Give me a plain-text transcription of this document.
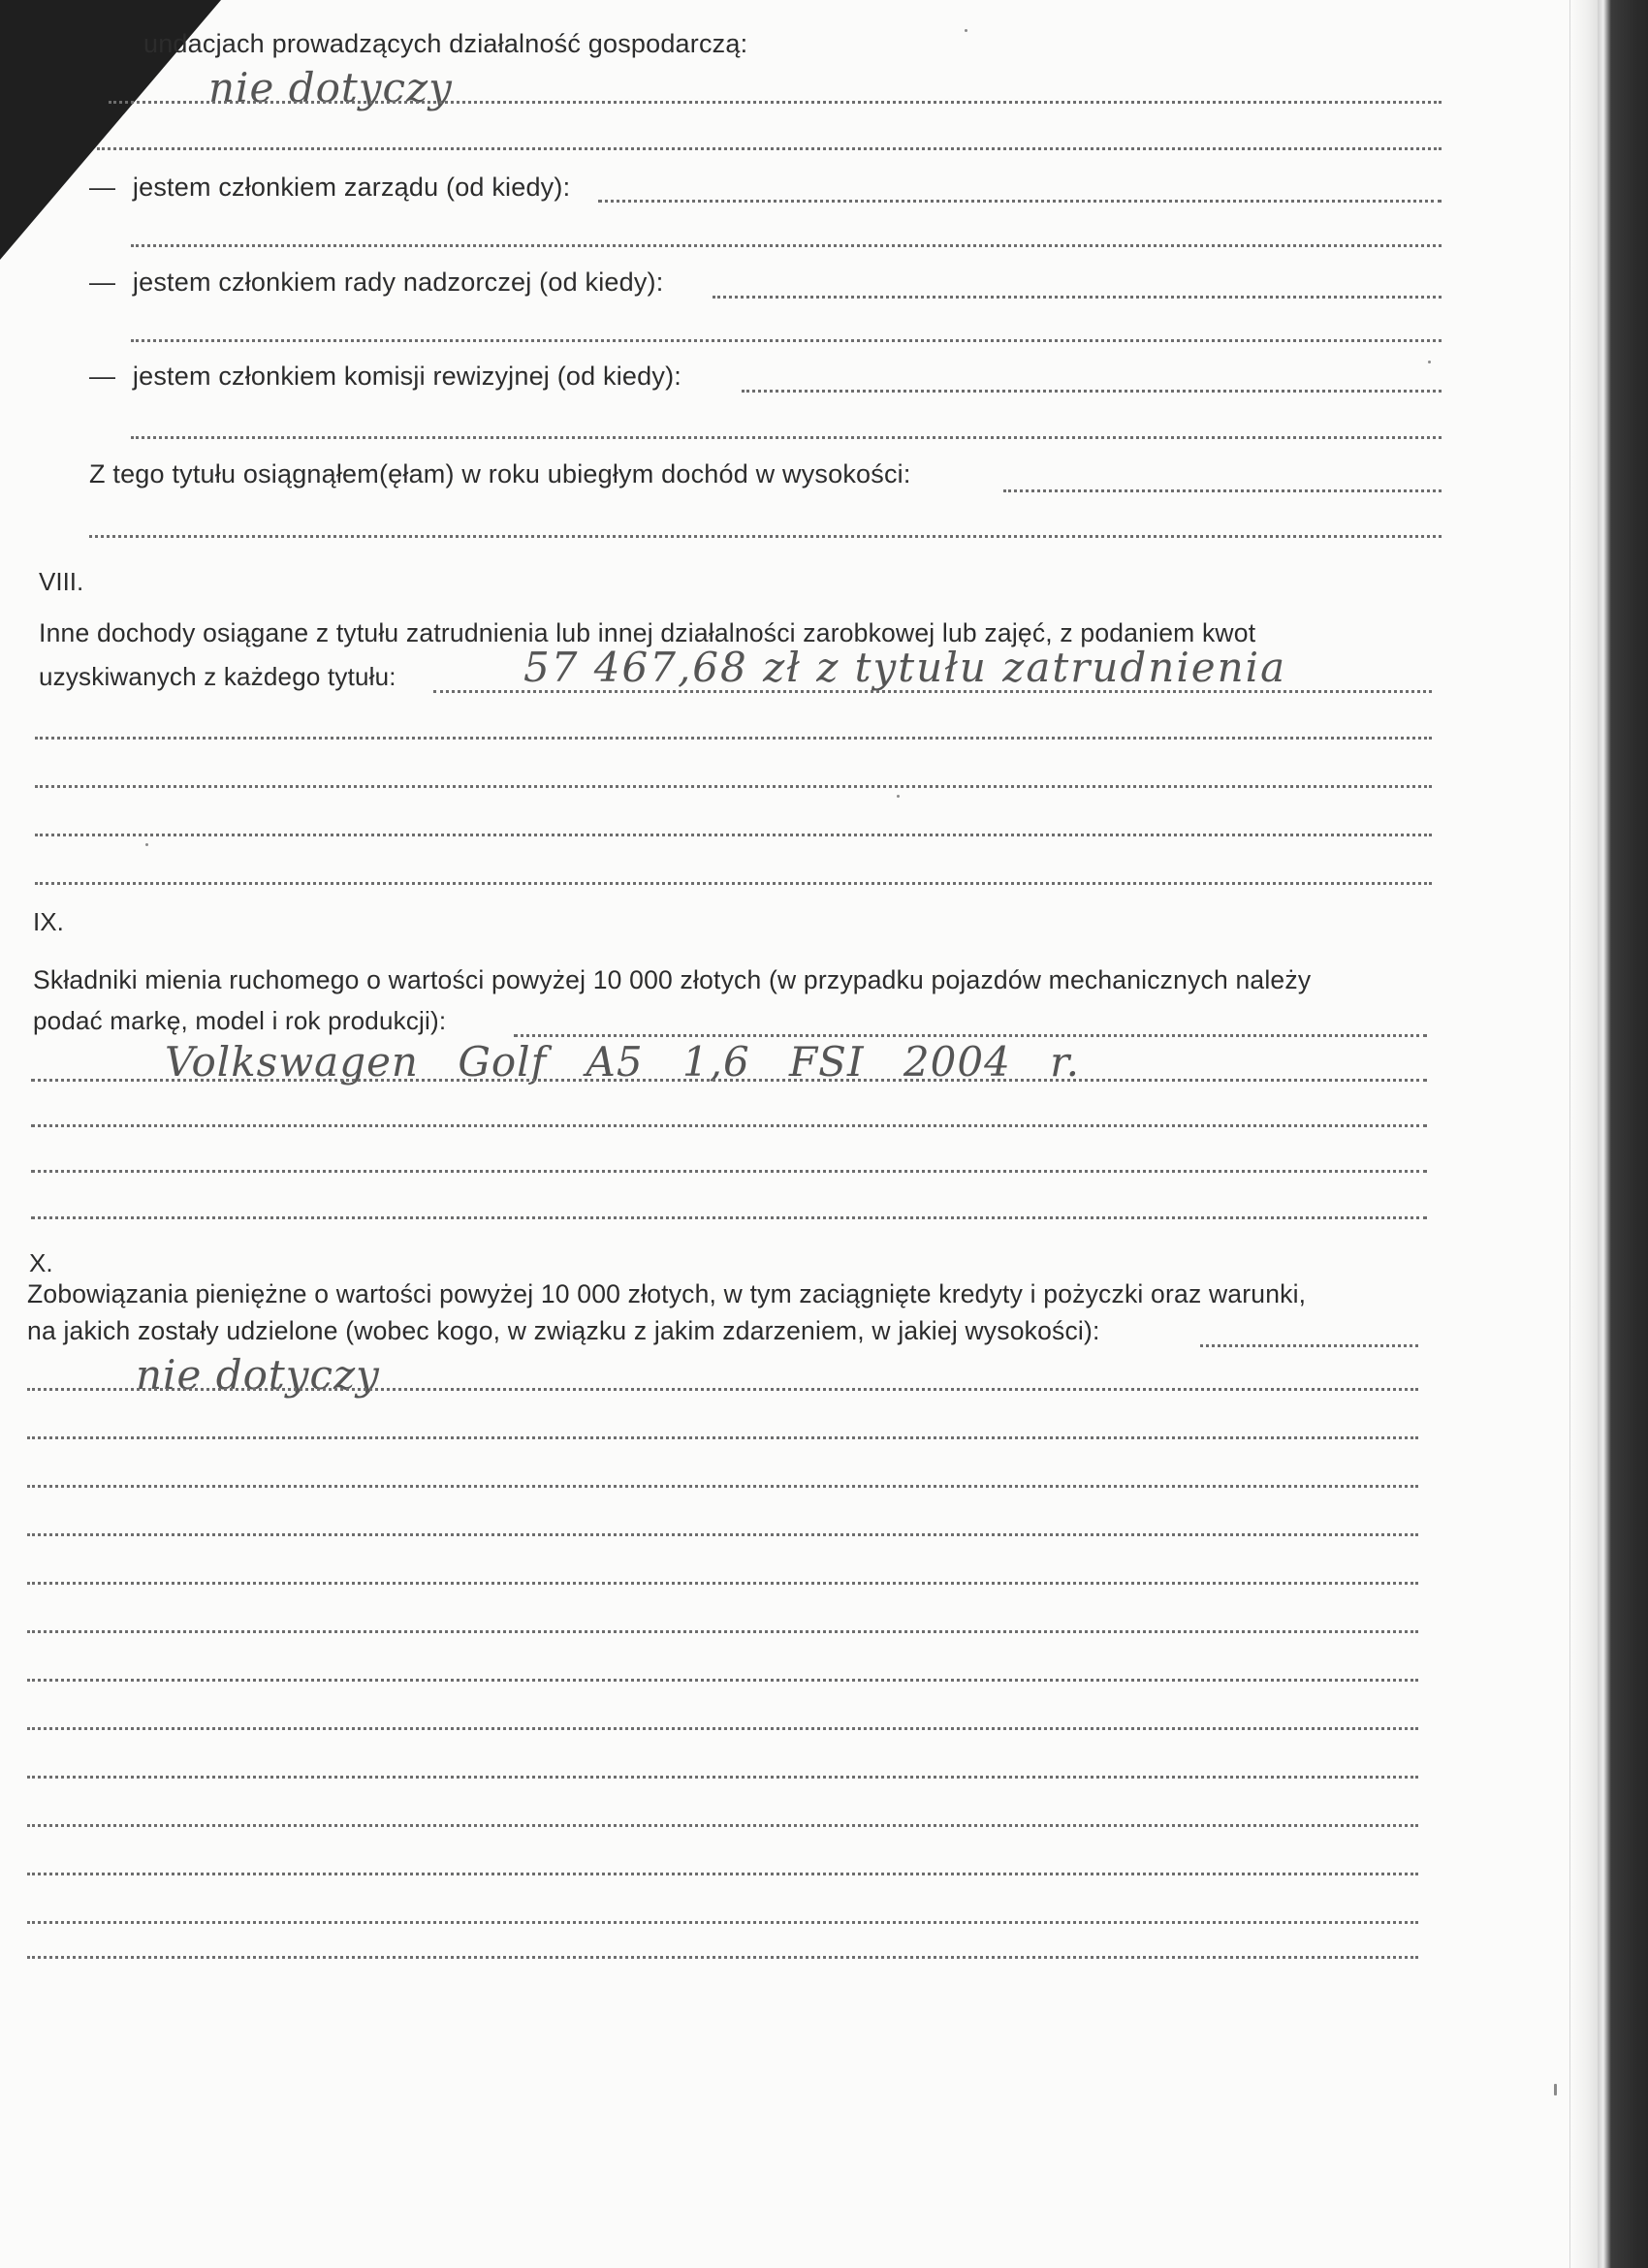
undacjach prowadzących działalność gospodarczą:
nie dotyczy
— jestem członkiem zarządu (od kiedy):
— jestem członkiem rady nadzorczej (od kiedy):
— jestem członkiem komisji rewizyjnej (od kiedy):
Z tego tytułu osiągnąłem(ęłam) w roku ubiegłym dochód w wysokości:
VIII.
Inne dochody osiągane z tytułu zatrudnienia lub innej działalności zarobkowej lub zajęć, z podaniem kwot
uzyskiwanych z każdego tytułu:	57 467,68 zł z tytułu zatrudnienia
IX.
Składniki mienia ruchomego o wartości powyżej 10 000 złotych (w przypadku pojazdów mechanicznych należy
podać markę, model i rok produkcji):
Volkswagen Golf A5 1,6 FSI 2004 r.
X.
Zobowiązania pieniężne o wartości powyżej 10 000 złotych, w tym zaciągnięte kredyty i pożyczki oraz warunki,
na jakich zostały udzielone (wobec kogo, w związku z jakim zdarzeniem, w jakiej wysokości):
nie dotyczy
